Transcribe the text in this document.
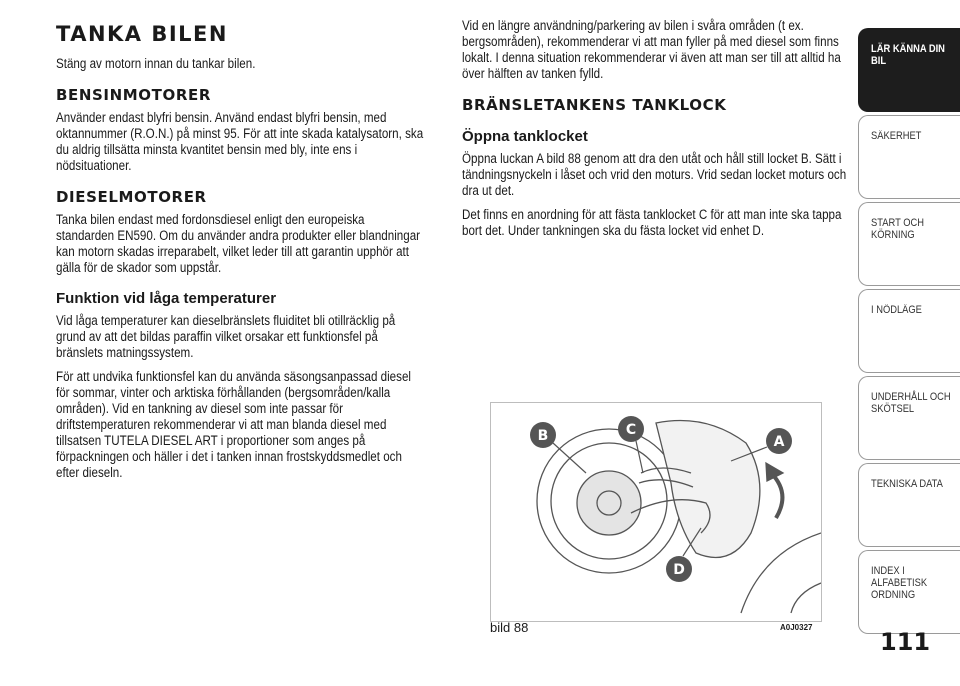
TANKA BILEN

Stäng av motorn innan du tankar bilen.

BENSINMOTORER

Använder endast blyfri bensin. Använd endast blyfri bensin, med oktannummer (R.O.N.) på minst 95. För att inte skada katalysatorn, ska du aldrig tillsätta minsta kvantitet bensin med bly, inte ens i nödsituationer.

DIESELMOTORER

Tanka bilen endast med fordonsdiesel enligt den europeiska standarden EN590. Om du använder andra produkter eller blandningar kan motorn skadas irreparabelt, vilket leder till att garantin upphör att gälla för de skador som uppstår.

Funktion vid låga temperaturer

Vid låga temperaturer kan dieselbränslets fluiditet bli otillräcklig på grund av att det bildas paraffin vilket orsakar ett funktionsfel på bränslets matningssystem.

För att undvika funktionsfel kan du använda säsongsanpassad diesel för sommar, vinter och arktiska förhållanden (bergsområden/kalla områden). Vid en tankning av diesel som inte passar för driftstemperaturen rekommenderar vi att man blanda diesel med tillsatsen TUTELA DIESEL ART i proportioner som anges på förpackningen och häller i det i tanken innan frostskyddsmedlet och efter dieseln.

Vid en längre användning/parkering av bilen i svåra områden (t ex. bergsområden), rekommenderar vi att man fyller på med diesel som finns lokalt. I denna situation rekommenderar vi även att man ser till att alltid ha över hälften av tanken fylld.

BRÄNSLETANKENS TANKLOCK
Öppna tanklocket

Öppna luckan A bild 88 genom att dra den utåt och håll still locket B. Sätt i tändningsnyckeln i låset och vrid den moturs. Vrid sedan locket moturs och dra ut det.

Det finns en anordning för att fästa tanklocket C för att man inte ska tappa bort det. Under tankningen ska du fästa locket vid enhet D.

B	C
A
D
bild 88	A0J0327
LÄR KÄNNA DIN BIL
SÄKERHET
START OCH KÖRNING
I NÖDLÄGE
UNDERHÅLL OCH SKÖTSEL
TEKNISKA DATA
INDEX I ALFABETISK ORDNING
111
